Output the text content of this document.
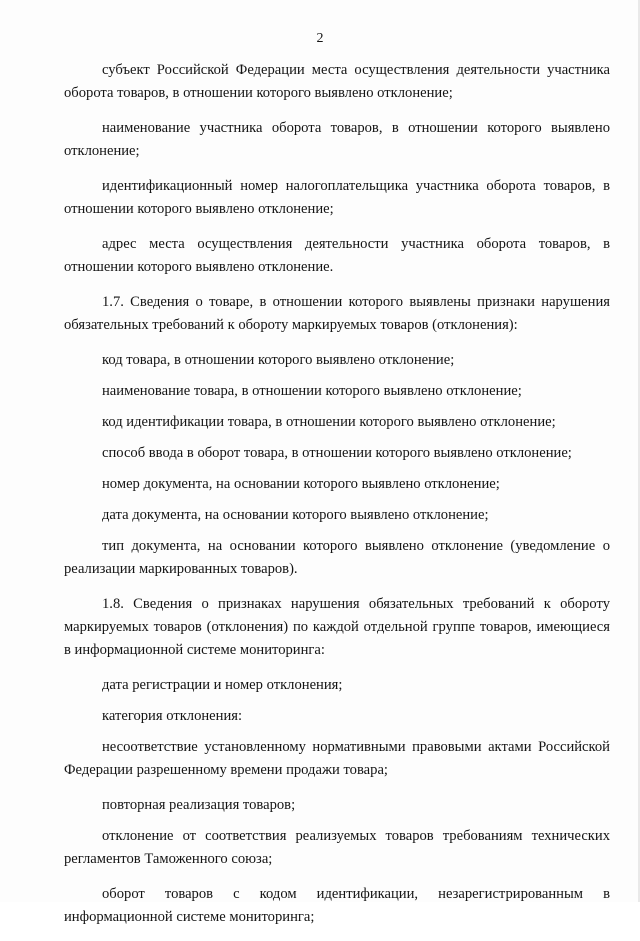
2

субъект Российской Федерации места осуществления деятельности участника оборота товаров, в отношении которого выявлено отклонение;

наименование участника оборота товаров, в отношении которого выявлено отклонение;

идентификационный номер налогоплательщика участника оборота товаров, в отношении которого выявлено отклонение;

адрес места осуществления деятельности участника оборота товаров, в отношении которого выявлено отклонение.

1.7. Сведения о товаре, в отношении которого выявлены признаки нарушения обязательных требований к обороту маркируемых товаров (отклонения):

код товара, в отношении которого выявлено отклонение;

наименование товара, в отношении которого выявлено отклонение;

код идентификации товара, в отношении которого выявлено отклонение;

способ ввода в оборот товара, в отношении которого выявлено отклонение;

номер документа, на основании которого выявлено отклонение;

дата документа, на основании которого выявлено отклонение;

тип документа, на основании которого выявлено отклонение (уведомление о реализации маркированных товаров).

1.8. Сведения о признаках нарушения обязательных требований к обороту маркируемых товаров (отклонения) по каждой отдельной группе товаров, имеющиеся в информационной системе мониторинга:

дата регистрации и номер отклонения;

категория отклонения:

несоответствие установленному нормативными правовыми актами Российской Федерации разрешенному времени продажи товара;

повторная реализация товаров;

отклонение от соответствия реализуемых товаров требованиям технических регламентов Таможенного союза;

оборот товаров с кодом идентификации, незарегистрированным в информационной системе мониторинга;
